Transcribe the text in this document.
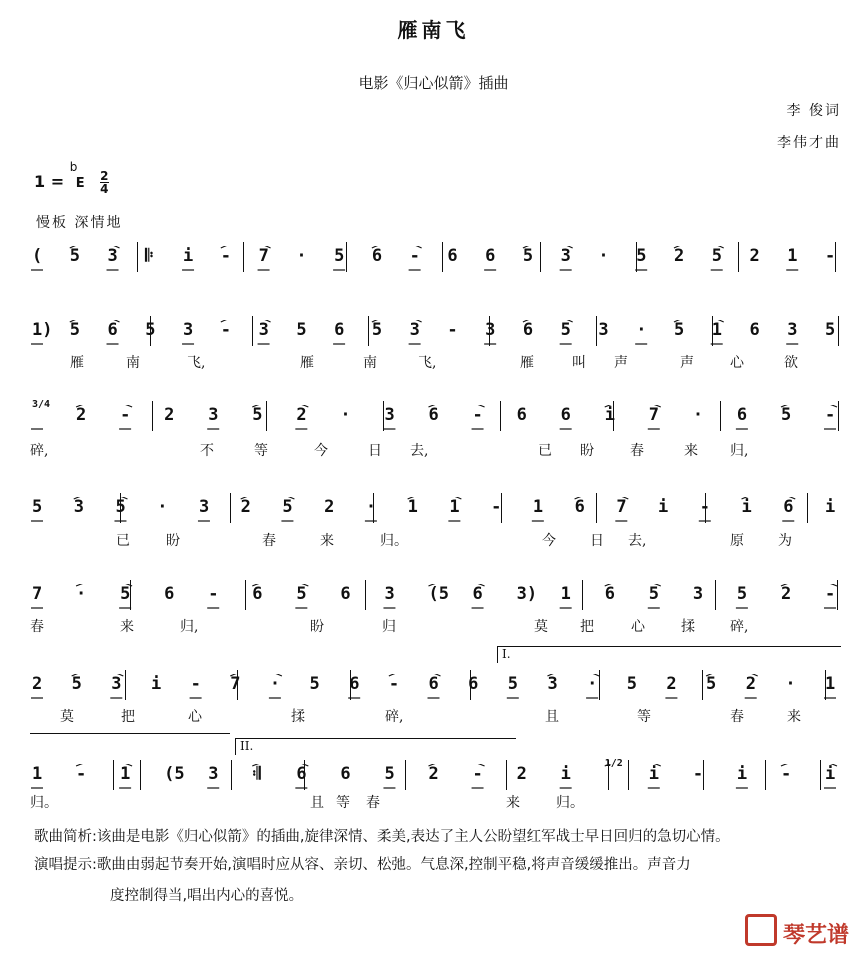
雁南飞
电影《归心似箭》插曲
李 俊词
李伟才曲
1 =
b
E $\frac{2}{4}$
慢板 深情地
( 5 3 𝄆 i - 7 · 5 6 - 6 6 5 3 · 5 2 5 2 1 -
1) 5 6 5 3 - 3 5 6 5 3 - 3 6 5 3 · 5 1 6 3 5
雁	南	飞,	雁	南	飞,	雁	叫 声	声	心	欲
3/4
2 - 2 3 5 2 · 3 6 - 6 6 i 7 · 6 5 -
碎,	不	等	今	日 去,	已 盼	春	来 归,
5 3 5 · 3 2 5 2 · 1 1 - 1 6 7 i - i 6 i
已	盼	春	来	归。	今 日 去,	原 为
7 · 5 6 - 6 5 6 3 (5 6 3) 1 6 5 3 5 2 -
春	来	归,	盼	归	莫 把	心	揉	碎,
2 5 3 i - 7 · 5 6 - 6 6 5 3 · 5 2 5 2 · 1
莫	把	心	揉	碎,	且	等	春	来
1 - 1 (5 3 𝄇 6 6 5 2 - 2 i
1/2
i - i - i
归。	且 等 春	来	归。
I.
II.
歌曲简析:该曲是电影《归心似箭》的插曲,旋律深情、柔美,表达了主人公盼望红军战士早日回归的急切心情。
演唱提示:歌曲由弱起节奏开始,演唱时应从容、亲切、松弛。气息深,控制平稳,将声音缓缓推出。声音力
度控制得当,唱出内心的喜悦。
琴艺谱
